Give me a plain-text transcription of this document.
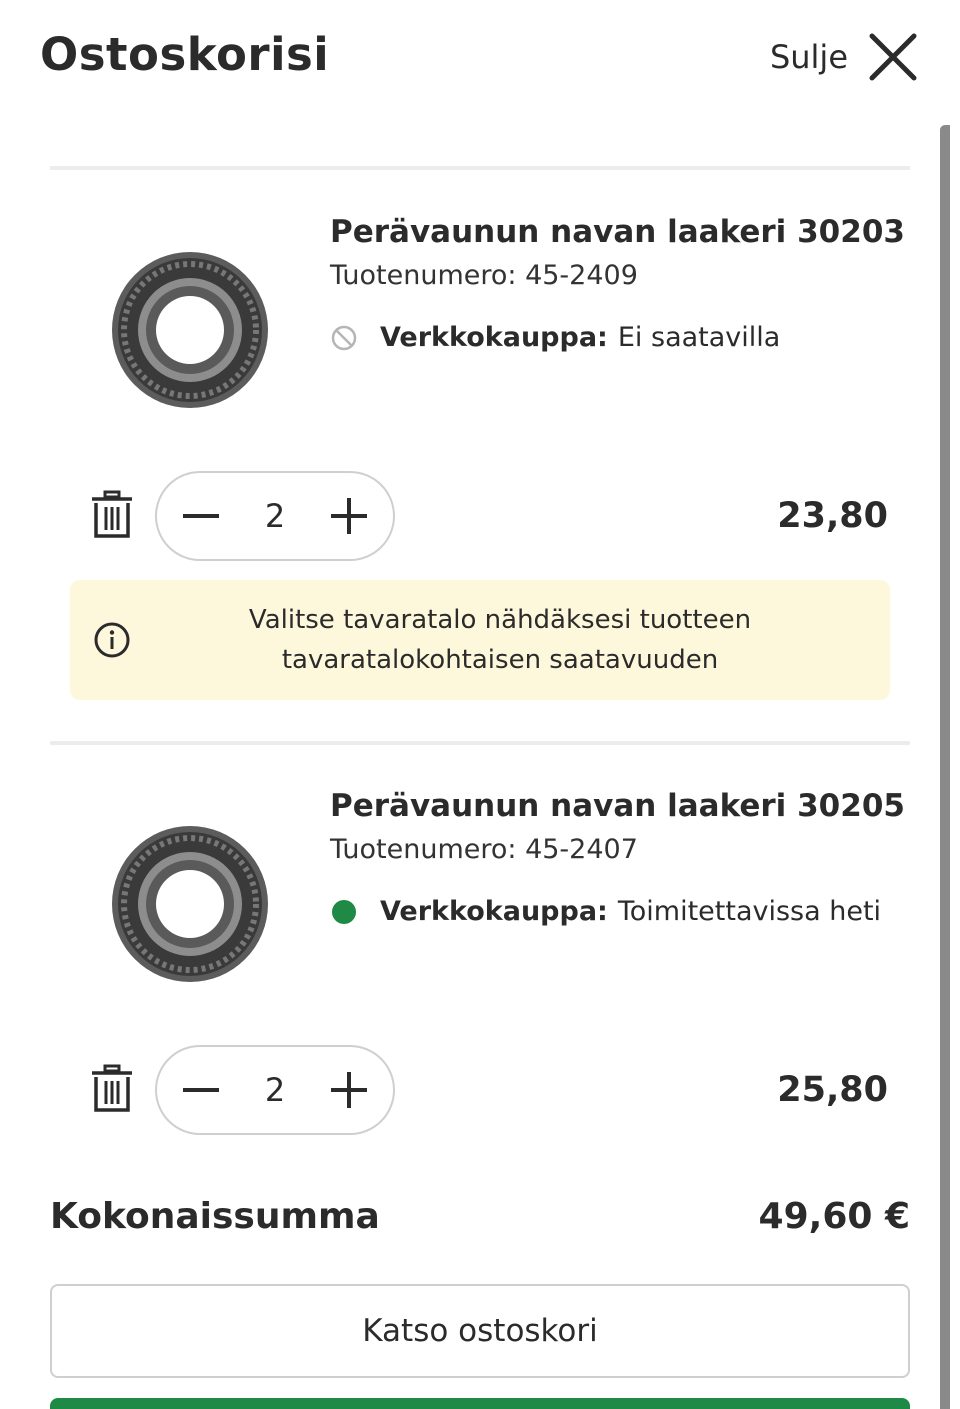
Ostoskorisi	Sulje
Perävaunun navan laakeri 30203
Tuotenumero: 45-2409
Verkkokauppa: Ei saatavilla
2	23,80
Valitse tavaratalo nähdäksesi tuotteen
tavaratalokohtaisen saatavuuden
Perävaunun navan laakeri 30205
Tuotenumero: 45-2407
Verkkokauppa: Toimitettavissa heti
2	25,80
Kokonaissumma	49,60 €
Katso ostoskori
